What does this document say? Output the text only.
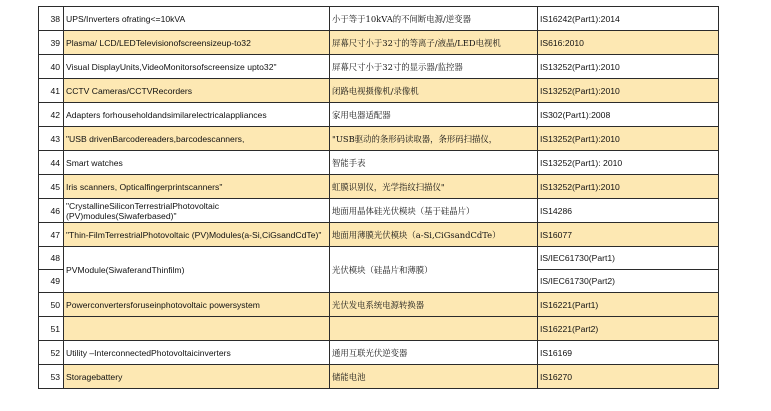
38	UPS/Inverters ofrating<=10kVA	小于等于10kVA的不间断电源/逆变器	IS16242(Part1):2014
39	Plasma/ LCD/LEDTelevisionofscreensizeup-to32	屏幕尺寸小于32寸的等离子/液晶/LED电视机	IS616:2010
40	Visual DisplayUnits,VideoMonitorsofscreensize upto32"	屏幕尺寸小于32寸的显示器/监控器	IS13252(Part1):2010
41	CCTV Cameras/CCTVRecorders	闭路电视摄像机/录像机	IS13252(Part1):2010
42	Adapters forhouseholdandsimilarelectricalappliances	家用电器适配器	IS302(Part1):2008
43	"USB drivenBarcodereaders,barcodescanners,	"USB驱动的条形码读取器，条形码扫描仪，	IS13252(Part1):2010
44	Smart watches	智能手表	IS13252(Part1): 2010
45	Iris scanners, Opticalfingerprintscanners"	虹膜识别仪，光学指纹扫描仪"	IS13252(Part1):2010
46	"CrystallineSiliconTerrestrialPhotovoltaic (PV)modules(Siwaferbased)"	地面用晶体硅光伏模块（基于硅晶片）	IS14286
47	"Thin-FilmTerrestrialPhotovoltaic (PV)Modules(a-Si,CiGsandCdTe)"	地面用薄膜光伏模块（a-Si,CiGsandCdTe）	IS16077
48	PVModule(SiwaferandThinfilm)	光伏模块（硅晶片和薄膜）	IS/IEC61730(Part1)
49			IS/IEC61730(Part2)
50	Powerconvertersforuseinphotovoltaic powersystem	光伏发电系统电源转换器	IS16221(Part1)
51			IS16221(Part2)
52	Utility –InterconnectedPhotovoltaicinverters	通用互联光伏逆变器	IS16169
53	Storagebattery	储能电池	IS16270
